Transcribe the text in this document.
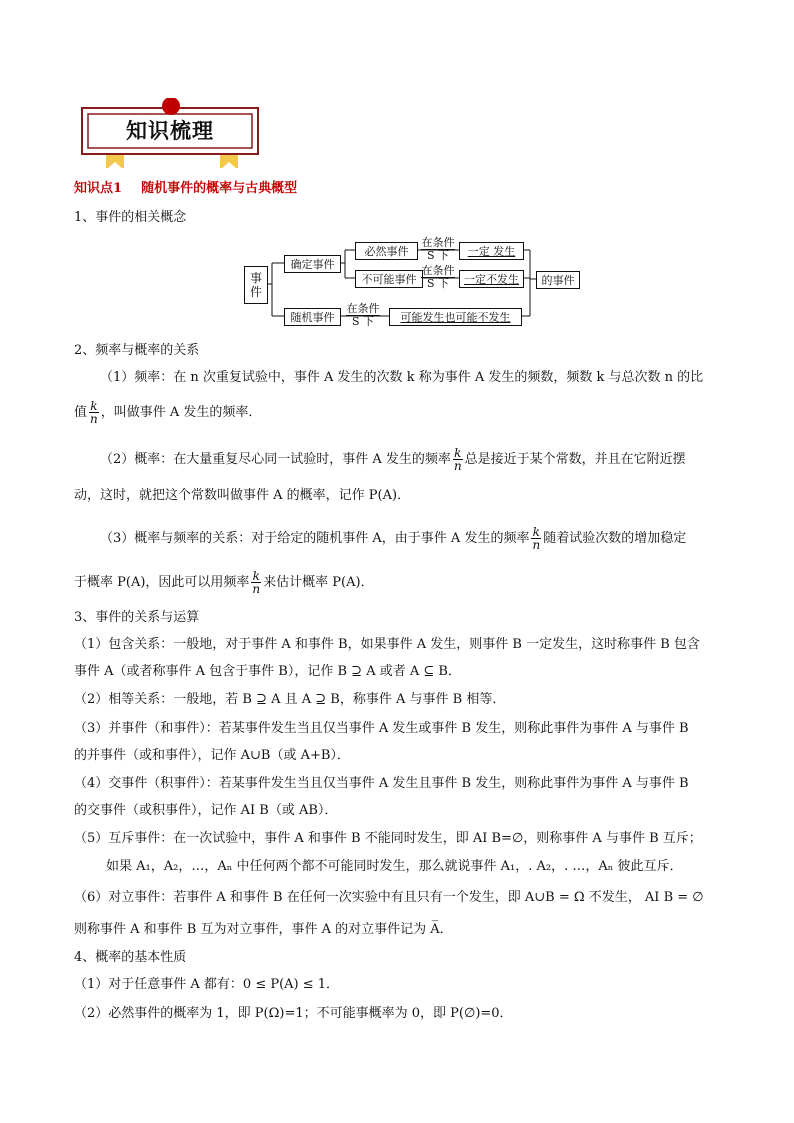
知识梳理
知识点1 随机事件的概率与古典概型
1、事件的相关概念
事
件
确定事件
随机事件
必然事件
不可能事件
在条件
S 下
在条件
S 下
在条件
S 下
一定 发生
一定不发生
可能发生也可能不发生
的事件
2、频率与概率的关系
（1）频率：在 n 次重复试验中，事件 A 发生的次数 k 称为事件 A 发生的频数，频数 k 与总次数 n 的比
值 $\frac{k}{n}$ ，叫做事件 A 发生的频率．
（2）概率：在大量重复尽心同一试验时，事件 A 发生的频率 $\frac{k}{n}$ 总是接近于某个常数，并且在它附近摆
动，这时，就把这个常数叫做事件 A 的概率，记作 P(A)．
（3）概率与频率的关系：对于给定的随机事件 A，由于事件 A 发生的频率 $\frac{k}{n}$ 随着试验次数的增加稳定
于概率 P(A)，因此可以用频率 $\frac{k}{n}$ 来估计概率 P(A)．
3、事件的关系与运算
（1）包含关系：一般地，对于事件 A 和事件 B，如果事件 A 发生，则事件 B 一定发生，这时称事件 B 包含
事件 A（或者称事件 A 包含于事件 B），记作 B ⊇ A 或者 A ⊆ B．
（2）相等关系：一般地，若 B ⊇ A 且 A ⊇ B，称事件 A 与事件 B 相等．
（3）并事件（和事件）：若某事件发生当且仅当事件 A 发生或事件 B 发生，则称此事件为事件 A 与事件 B
的并事件（或和事件），记作 A∪B（或 A+B）．
（4）交事件（积事件）：若某事件发生当且仅当事件 A 发生且事件 B 发生，则称此事件为事件 A 与事件 B
的交事件（或积事件），记作 AI B（或 AB）．
（5）互斥事件：在一次试验中，事件 A 和事件 B 不能同时发生，即 AI B=∅，则称事件 A 与事件 B 互斥；
如果 A₁，A₂，…，Aₙ 中任何两个都不可能同时发生，那么就说事件 A₁，. A₂，. …，Aₙ 彼此互斥．
（6）对立事件：若事件 A 和事件 B 在任何一次实验中有且只有一个发生，即 A∪B = Ω 不发生， AI B = ∅
则称事件 A 和事件 B 互为对立事件，事件 A 的对立事件记为 A̅．
4、概率的基本性质
（1）对于任意事件 A 都有：0 ≤ P(A) ≤ 1．
（2）必然事件的概率为 1，即 P(Ω)=1；不可能事概率为 0，即 P(∅)=0．
